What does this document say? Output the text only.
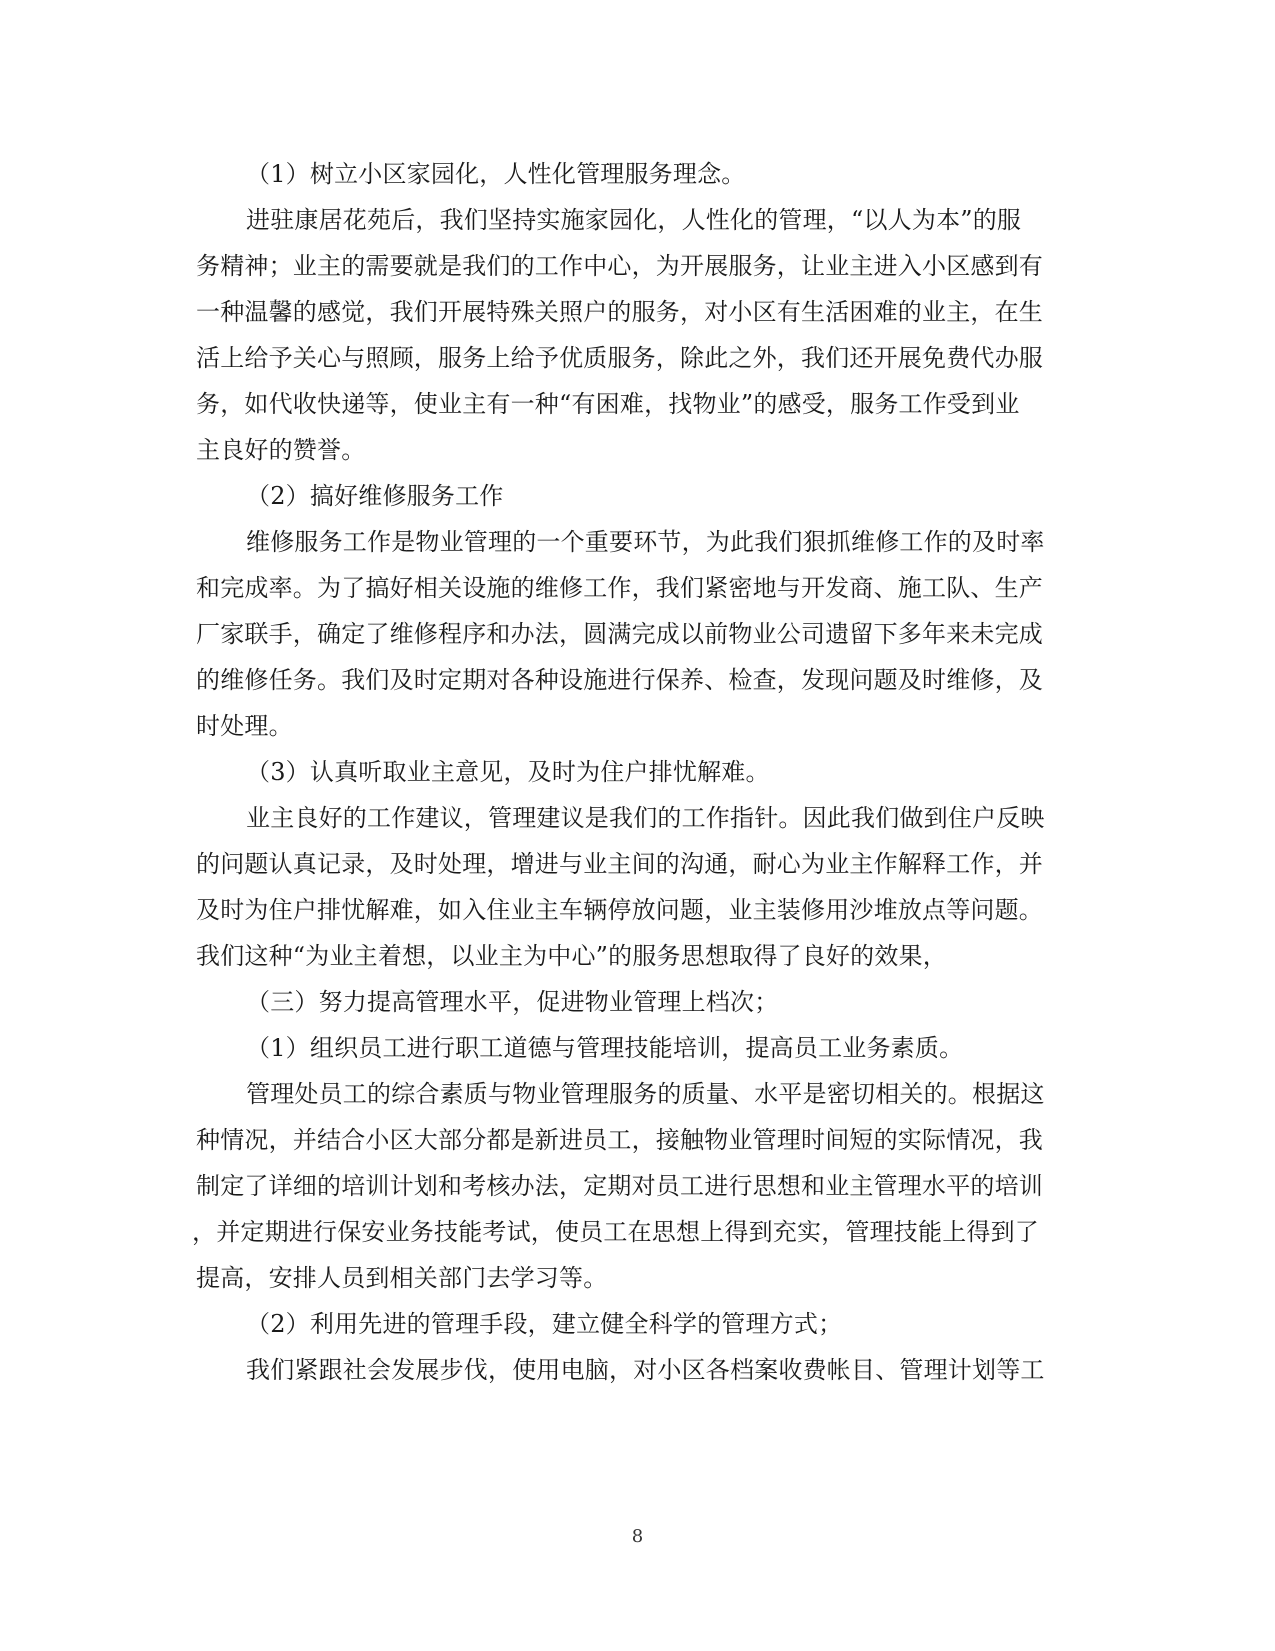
（1）树立小区家园化，人性化管理服务理念。
进驻康居花苑后，我们坚持实施家园化，人性化的管理，“以人为本”的服
务精神；业主的需要就是我们的工作中心，为开展服务，让业主进入小区感到有
一种温馨的感觉，我们开展特殊关照户的服务，对小区有生活困难的业主，在生
活上给予关心与照顾，服务上给予优质服务，除此之外，我们还开展免费代办服
务，如代收快递等，使业主有一种“有困难，找物业”的感受，服务工作受到业
主良好的赞誉。
（2）搞好维修服务工作
维修服务工作是物业管理的一个重要环节，为此我们狠抓维修工作的及时率
和完成率。为了搞好相关设施的维修工作，我们紧密地与开发商、施工队、生产
厂家联手，确定了维修程序和办法，圆满完成以前物业公司遗留下多年来未完成
的维修任务。我们及时定期对各种设施进行保养、检查，发现问题及时维修，及
时处理。
（3）认真听取业主意见，及时为住户排忧解难。
业主良好的工作建议，管理建议是我们的工作指针。因此我们做到住户反映
的问题认真记录，及时处理，增进与业主间的沟通，耐心为业主作解释工作，并
及时为住户排忧解难，如入住业主车辆停放问题，业主装修用沙堆放点等问题。
我们这种“为业主着想，以业主为中心”的服务思想取得了良好的效果，
（三）努力提高管理水平，促进物业管理上档次；
（1）组织员工进行职工道德与管理技能培训，提高员工业务素质。
管理处员工的综合素质与物业管理服务的质量、水平是密切相关的。根据这
种情况，并结合小区大部分都是新进员工，接触物业管理时间短的实际情况，我
制定了详细的培训计划和考核办法，定期对员工进行思想和业主管理水平的培训
，并定期进行保安业务技能考试，使员工在思想上得到充实，管理技能上得到了
提高，安排人员到相关部门去学习等。
（2）利用先进的管理手段，建立健全科学的管理方式；
我们紧跟社会发展步伐，使用电脑，对小区各档案收费帐目、管理计划等工
8
